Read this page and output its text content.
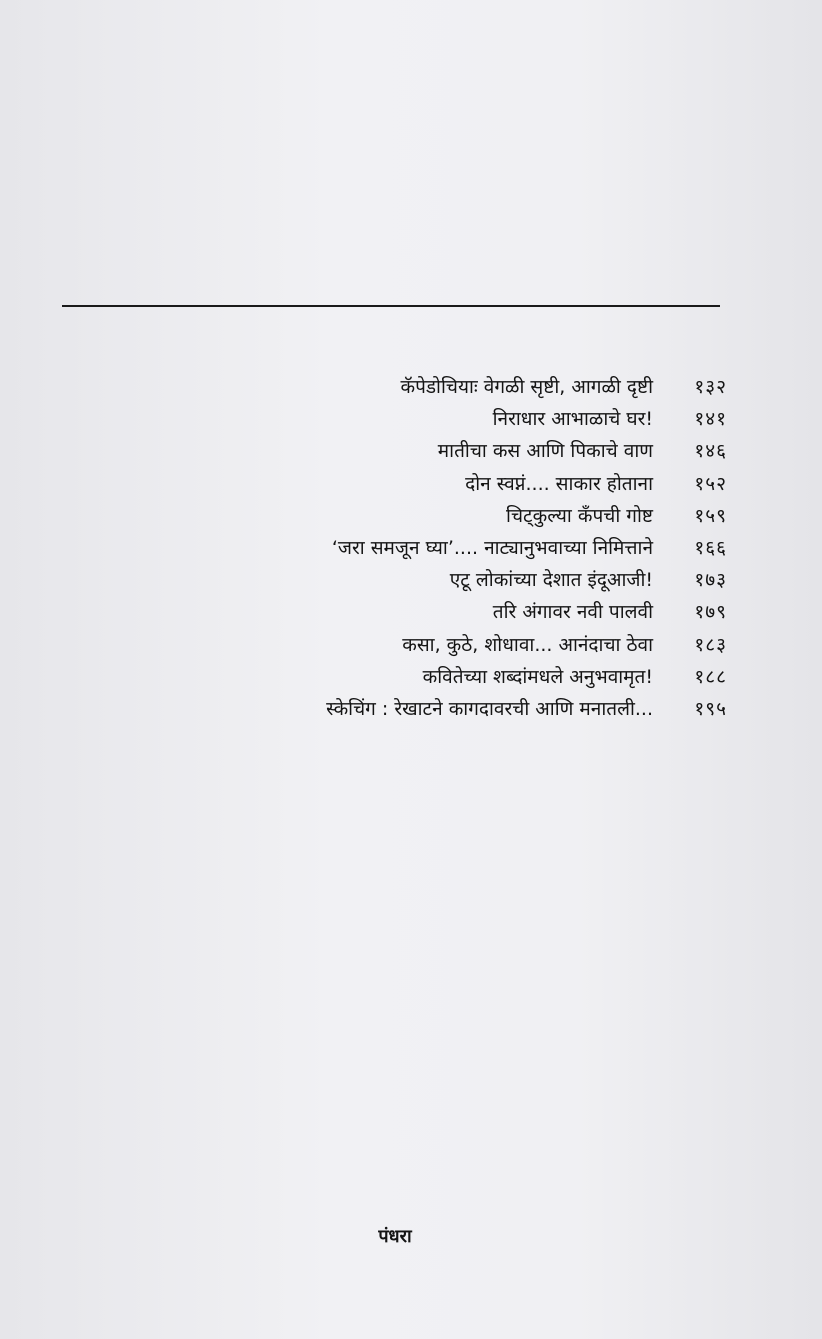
कॅपेडोचियाः वेगळी सृष्टी, आगळी दृष्टी	१३२
निराधार आभाळाचे घर!	१४१
मातीचा कस आणि पिकाचे वाण	१४६
दोन स्वप्नं.... साकार होताना	१५२
चिट्कुल्या कँपची गोष्ट	१५९
‘जरा समजून घ्या’.... नाट्यानुभवाच्या निमित्ताने	१६६
एटू लोकांच्या देशात इंदूआजी!	१७३
तरि अंगावर नवी पालवी	१७९
कसा, कुठे, शोधावा... आनंदाचा ठेवा	१८३
कवितेच्या शब्दांमधले अनुभवामृत!	१८८
स्केचिंग : रेखाटने कागदावरची आणि मनातली...	१९५
पंधरा
